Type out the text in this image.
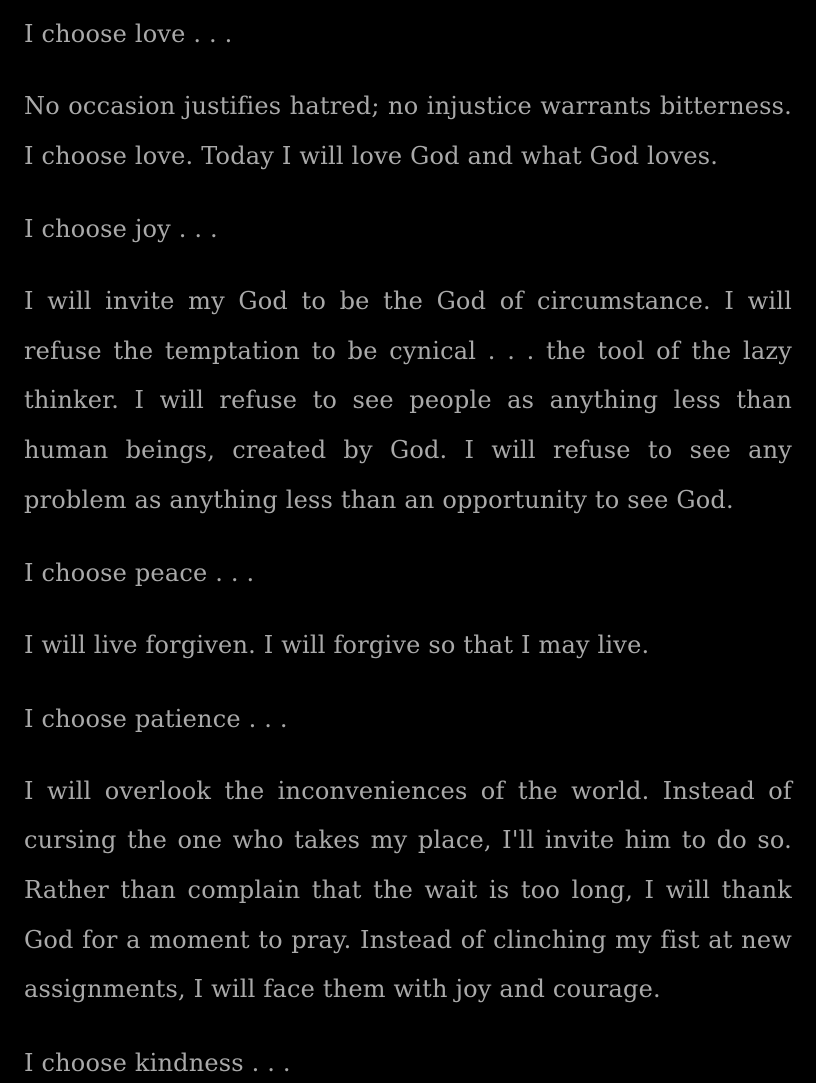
I choose love . . .

No occasion justifies hatred; no injustice warrants bitterness. I choose love. Today I will love God and what God loves.

I choose joy . . .

I will invite my God to be the God of circumstance. I will refuse the temptation to be cynical . . . the tool of the lazy thinker. I will refuse to see people as anything less than human beings, created by God. I will refuse to see any problem as anything less than an opportunity to see God.

I choose peace . . .

I will live forgiven. I will forgive so that I may live.

I choose patience . . .

I will overlook the inconveniences of the world. Instead of cursing the one who takes my place, I'll invite him to do so. Rather than complain that the wait is too long, I will thank God for a moment to pray. Instead of clinching my fist at new assignments, I will face them with joy and courage.

I choose kindness . . .
